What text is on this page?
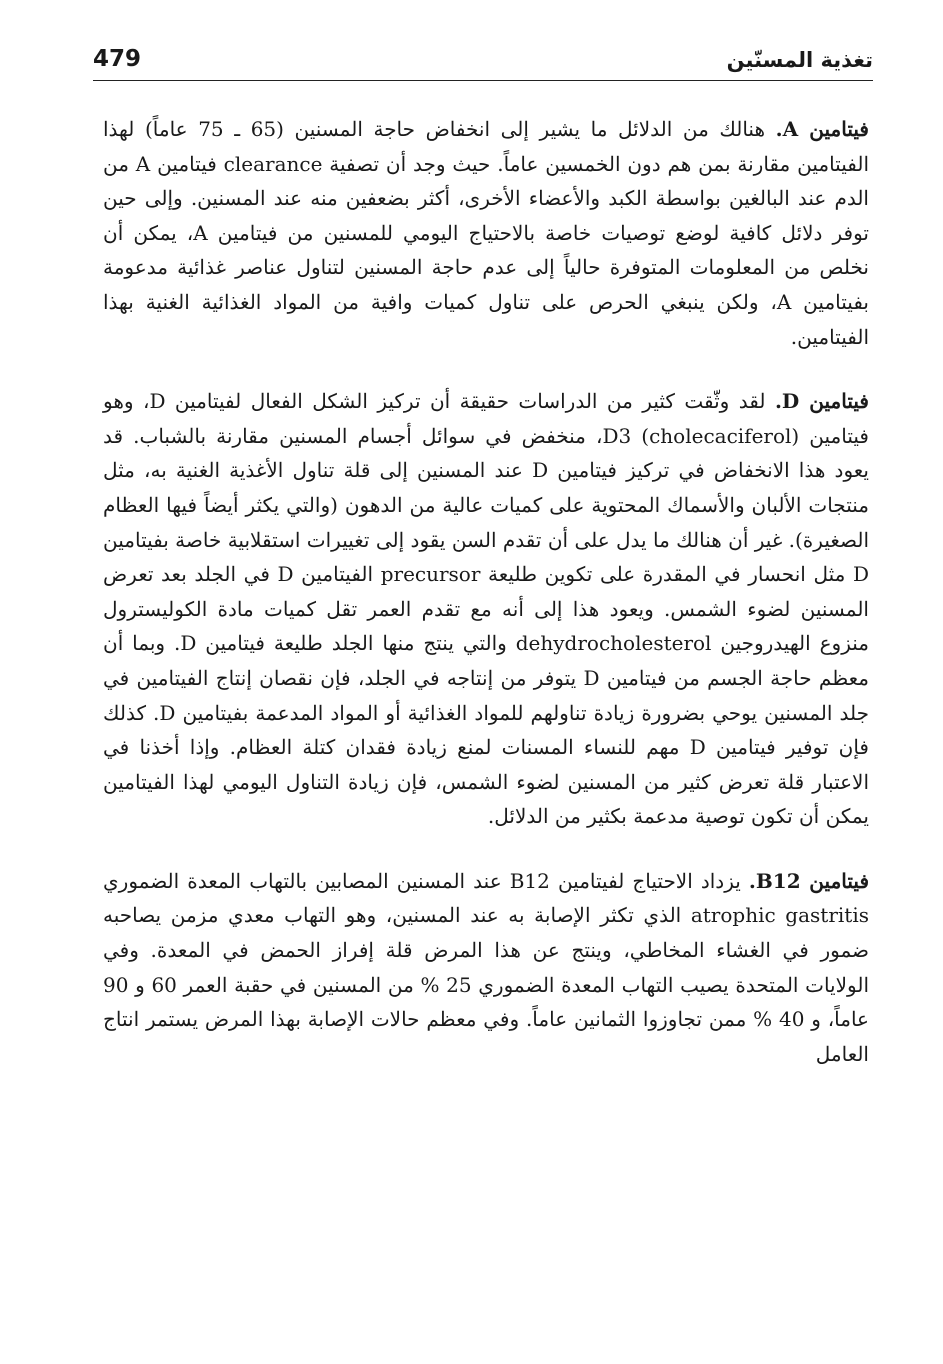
تغذية المسنّين
479

فيتامين A. هنالك من الدلائل ما يشير إلى انخفاض حاجة المسنين (65 ـ 75 عاماً) لهذا الفيتامين مقارنة بمن هم دون الخمسين عاماً. حيث وجد أن تصفية clearance فيتامين A من الدم عند البالغين بواسطة الكبد والأعضاء الأخرى، أكثر بضعفين منه عند المسنين. وإلى حين توفر دلائل كافية لوضع توصيات خاصة بالاحتياج اليومي للمسنين من فيتامين A، يمكن أن نخلص من المعلومات المتوفرة حالياً إلى عدم حاجة المسنين لتناول عناصر غذائية مدعومة بفيتامين A، ولكن ينبغي الحرص على تناول كميات وافية من المواد الغذائية الغنية بهذا الفيتامين.

فيتامين D. لقد وثّقت كثير من الدراسات حقيقة أن تركيز الشكل الفعال لفيتامين D، وهو فيتامين D3 (cholecaciferol)، منخفض في سوائل أجسام المسنين مقارنة بالشباب. قد يعود هذا الانخفاض في تركيز فيتامين D عند المسنين إلى قلة تناول الأغذية الغنية به، مثل منتجات الألبان والأسماك المحتوية على كميات عالية من الدهون (والتي يكثر أيضاً فيها العظام الصغيرة). غير أن هنالك ما يدل على أن تقدم السن يقود إلى تغييرات استقلابية خاصة بفيتامين D مثل انحسار في المقدرة على تكوين طليعة precursor الفيتامين D في الجلد بعد تعرض المسنين لضوء الشمس. ويعود هذا إلى أنه مع تقدم العمر تقل كميات مادة الكوليسترول منزوع الهيدروجين dehydrocholesterol والتي ينتج منها الجلد طليعة فيتامين D. وبما أن معظم حاجة الجسم من فيتامين D يتوفر من إنتاجه في الجلد، فإن نقصان إنتاج الفيتامين في جلد المسنين يوحي بضرورة زيادة تناولهم للمواد الغذائية أو المواد المدعمة بفيتامين D. كذلك فإن توفير فيتامين D مهم للنساء المسنات لمنع زيادة فقدان كتلة العظام. وإذا أخذنا في الاعتبار قلة تعرض كثير من المسنين لضوء الشمس، فإن زيادة التناول اليومي لهذا الفيتامين يمكن أن تكون توصية مدعمة بكثير من الدلائل.

فيتامين B12. يزداد الاحتياج لفيتامين B12 عند المسنين المصابين بالتهاب المعدة الضموري atrophic gastritis الذي تكثر الإصابة به عند المسنين، وهو التهاب معدي مزمن يصاحبه ضمور في الغشاء المخاطي، وينتج عن هذا المرض قلة إفراز الحمض في المعدة. وفي الولايات المتحدة يصيب التهاب المعدة الضموري 25 % من المسنين في حقبة العمر 60 و 90 عاماً، و 40 % ممن تجاوزوا الثمانين عاماً. وفي معظم حالات الإصابة بهذا المرض يستمر انتاج العامل
